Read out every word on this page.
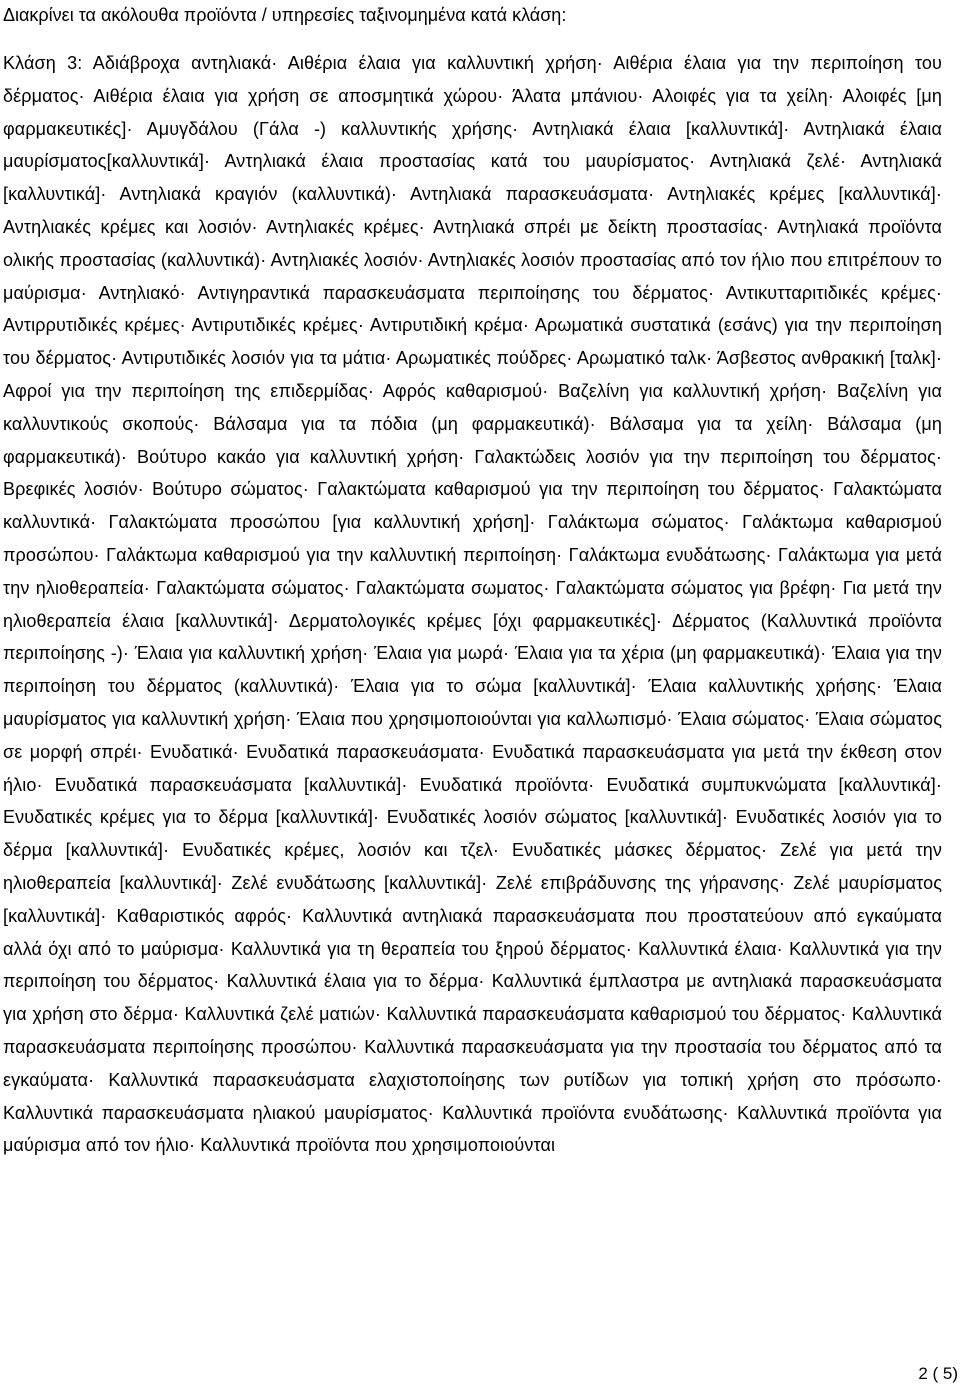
Διακρίνει τα ακόλουθα προϊόντα / υπηρεσίες ταξινομημένα κατά κλάση:
Κλάση 3: Αδιάβροχα αντηλιακά· Αιθέρια έλαια για καλλυντική χρήση· Αιθέρια έλαια για την περιποίηση του δέρματος· Αιθέρια έλαια για χρήση σε αποσμητικά χώρου· Άλατα μπάνιου· Αλοιφές για τα χείλη· Αλοιφές [μη φαρμακευτικές]· Αμυγδάλου (Γάλα -) καλλυντικής χρήσης· Αντηλιακά έλαια [καλλυντικά]· Αντηλιακά έλαια μαυρίσματος[καλλυντικά]· Αντηλιακά έλαια προστασίας κατά του μαυρίσματος· Αντηλιακά ζελέ· Αντηλιακά [καλλυντικά]· Αντηλιακά κραγιόν (καλλυντικά)· Αντηλιακά παρασκευάσματα· Αντηλιακές κρέμες [καλλυντικά]· Αντηλιακές κρέμες και λοσιόν· Αντηλιακές κρέμες· Αντηλιακά σπρέι με δείκτη προστασίας· Αντηλιακά προϊόντα ολικής προστασίας (καλλυντικά)· Αντηλιακές λοσιόν· Αντηλιακές λοσιόν προστασίας από τον ήλιο που επιτρέπουν το μαύρισμα· Αντηλιακό· Αντιγηραντικά παρασκευάσματα περιποίησης του δέρματος· Αντικυτταριτιδικές κρέμες· Αντιρρυτιδικές κρέμες· Αντιρυτιδικές κρέμες· Αντιρυτιδική κρέμα· Αρωματικά συστατικά (εσάνς) για την περιποίηση του δέρματος· Αντιρυτιδικές λοσιόν για τα μάτια· Αρωματικές πούδρες· Αρωματικό ταλκ· Άσβεστος ανθρακική [ταλκ]· Αφροί για την περιποίηση της επιδερμίδας· Αφρός καθαρισμού· Βαζελίνη για καλλυντική χρήση· Βαζελίνη για καλλυντικούς σκοπούς· Βάλσαμα για τα πόδια (μη φαρμακευτικά)· Βάλσαμα για τα χείλη· Βάλσαμα (μη φαρμακευτικά)· Βούτυρο κακάο για καλλυντική χρήση· Γαλακτώδεις λοσιόν για την περιποίηση του δέρματος· Βρεφικές λοσιόν· Βούτυρο σώματος· Γαλακτώματα καθαρισμού για την περιποίηση του δέρματος· Γαλακτώματα καλλυντικά· Γαλακτώματα προσώπου [για καλλυντική χρήση]· Γαλάκτωμα σώματος· Γαλάκτωμα καθαρισμού προσώπου· Γαλάκτωμα καθαρισμού για την καλλυντική περιποίηση· Γαλάκτωμα ενυδάτωσης· Γαλάκτωμα για μετά την ηλιοθεραπεία· Γαλακτώματα σώματος· Γαλακτώματα σωματος· Γαλακτώματα σώματος για βρέφη· Για μετά την ηλιοθεραπεία έλαια [καλλυντικά]· Δερματολογικές κρέμες [όχι φαρμακευτικές]· Δέρματος (Καλλυντικά προϊόντα περιποίησης -)· Έλαια για καλλυντική χρήση· Έλαια για μωρά· Έλαια για τα χέρια (μη φαρμακευτικά)· Έλαια για την περιποίηση του δέρματος (καλλυντικά)· Έλαια για το σώμα [καλλυντικά]· Έλαια καλλυντικής χρήσης· Έλαια μαυρίσματος για καλλυντική χρήση· Έλαια που χρησιμοποιούνται για καλλωπισμό· Έλαια σώματος· Έλαια σώματος σε μορφή σπρέι· Ενυδατικά· Ενυδατικά παρασκευάσματα· Ενυδατικά παρασκευάσματα για μετά την έκθεση στον ήλιο· Ενυδατικά παρασκευάσματα [καλλυντικά]· Ενυδατικά προϊόντα· Ενυδατικά συμπυκνώματα [καλλυντικά]· Ενυδατικές κρέμες για το δέρμα [καλλυντικά]· Ενυδατικές λοσιόν σώματος [καλλυντικά]· Ενυδατικές λοσιόν για το δέρμα [καλλυντικά]· Ενυδατικές κρέμες, λοσιόν και τζελ· Ενυδατικές μάσκες δέρματος· Ζελέ για μετά την ηλιοθεραπεία [καλλυντικά]· Ζελέ ενυδάτωσης [καλλυντικά]· Ζελέ επιβράδυνσης της γήρανσης· Ζελέ μαυρίσματος [καλλυντικά]· Καθαριστικός αφρός· Καλλυντικά αντηλιακά παρασκευάσματα που προστατεύουν από εγκαύματα αλλά όχι από το μαύρισμα· Καλλυντικά για τη θεραπεία του ξηρού δέρματος· Καλλυντικά έλαια· Καλλυντικά για την περιποίηση του δέρματος· Καλλυντικά έλαια για το δέρμα· Καλλυντικά έμπλαστρα με αντηλιακά παρασκευάσματα για χρήση στο δέρμα· Καλλυντικά ζελέ ματιών· Καλλυντικά παρασκευάσματα καθαρισμού του δέρματος· Καλλυντικά παρασκευάσματα περιποίησης προσώπου· Καλλυντικά παρασκευάσματα για την προστασία του δέρματος από τα εγκαύματα· Καλλυντικά παρασκευάσματα ελαχιστοποίησης των ρυτίδων για τοπική χρήση στο πρόσωπο· Καλλυντικά παρασκευάσματα ηλιακού μαυρίσματος· Καλλυντικά προϊόντα ενυδάτωσης· Καλλυντικά προϊόντα για μαύρισμα από τον ήλιο· Καλλυντικά προϊόντα που χρησιμοποιούνται
2 ( 5)
